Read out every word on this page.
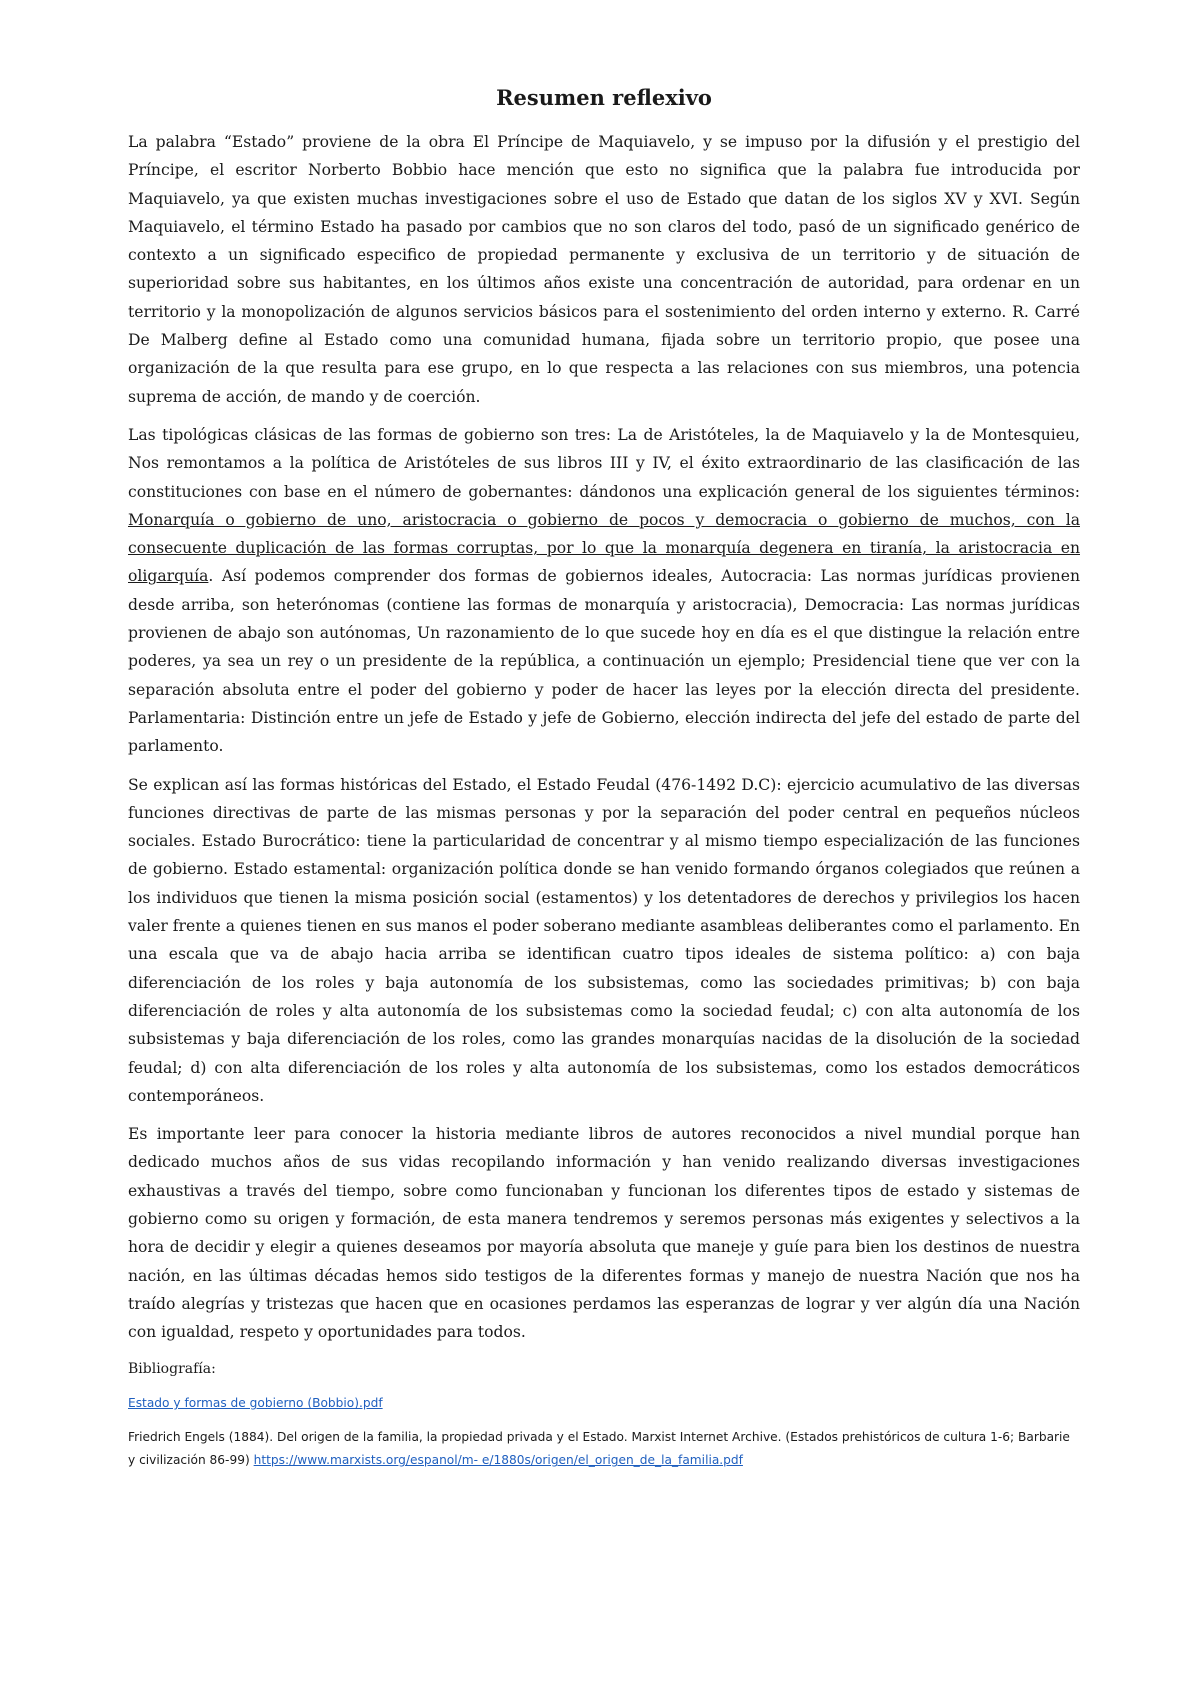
Resumen reflexivo

La palabra “Estado” proviene de la obra El Príncipe de Maquiavelo, y se impuso por la difusión y el prestigio del Príncipe, el escritor Norberto Bobbio hace mención que esto no significa que la palabra fue introducida por Maquiavelo, ya que existen muchas investigaciones sobre el uso de Estado que datan de los siglos XV y XVI. Según Maquiavelo, el término Estado ha pasado por cambios que no son claros del todo, pasó de un significado genérico de contexto a un significado especifico de propiedad permanente y exclusiva de un territorio y de situación de superioridad sobre sus habitantes, en los últimos años existe una concentración de autoridad, para ordenar en un territorio y la monopolización de algunos servicios básicos para el sostenimiento del orden interno y externo. R. Carré De Malberg define al Estado como una comunidad humana, fijada sobre un territorio propio, que posee una organización de la que resulta para ese grupo, en lo que respecta a las relaciones con sus miembros, una potencia suprema de acción, de mando y de coerción.

Las tipológicas clásicas de las formas de gobierno son tres: La de Aristóteles, la de Maquiavelo y la de Montesquieu, Nos remontamos a la política de Aristóteles de sus libros III y IV, el éxito extraordinario de las clasificación de las constituciones con base en el número de gobernantes: dándonos una explicación general de los siguientes términos: Monarquía o gobierno de uno, aristocracia o gobierno de pocos y democracia o gobierno de muchos, con la consecuente duplicación de las formas corruptas, por lo que la monarquía degenera en tiranía, la aristocracia en oligarquía. Así podemos comprender dos formas de gobiernos ideales, Autocracia: Las normas jurídicas provienen desde arriba, son heterónomas (contiene las formas de monarquía y aristocracia), Democracia: Las normas jurídicas provienen de abajo son autónomas, Un razonamiento de lo que sucede hoy en día es el que distingue la relación entre poderes, ya sea un rey o un presidente de la república, a continuación un ejemplo; Presidencial tiene que ver con la separación absoluta entre el poder del gobierno y poder de hacer las leyes por la elección directa del presidente. Parlamentaria: Distinción entre un jefe de Estado y jefe de Gobierno, elección indirecta del jefe del estado de parte del parlamento.

Se explican así las formas históricas del Estado, el Estado Feudal (476-1492 D.C): ejercicio acumulativo de las diversas funciones directivas de parte de las mismas personas y por la separación del poder central en pequeños núcleos sociales. Estado Burocrático: tiene la particularidad de concentrar y al mismo tiempo especialización de las funciones de gobierno. Estado estamental: organización política donde se han venido formando órganos colegiados que reúnen a los individuos que tienen la misma posición social (estamentos) y los detentadores de derechos y privilegios los hacen valer frente a quienes tienen en sus manos el poder soberano mediante asambleas deliberantes como el parlamento. En una escala que va de abajo hacia arriba se identifican cuatro tipos ideales de sistema político: a) con baja diferenciación de los roles y baja autonomía de los subsistemas, como las sociedades primitivas; b) con baja diferenciación de roles y alta autonomía de los subsistemas como la sociedad feudal; c) con alta autonomía de los subsistemas y baja diferenciación de los roles, como las grandes monarquías nacidas de la disolución de la sociedad feudal; d) con alta diferenciación de los roles y alta autonomía de los subsistemas, como los estados democráticos contemporáneos.

Es importante leer para conocer la historia mediante libros de autores reconocidos a nivel mundial porque han dedicado muchos años de sus vidas recopilando información y han venido realizando diversas investigaciones exhaustivas a través del tiempo, sobre como funcionaban y funcionan los diferentes tipos de estado y sistemas de gobierno como su origen y formación, de esta manera tendremos y seremos personas más exigentes y selectivos a la hora de decidir y elegir a quienes deseamos por mayoría absoluta que maneje y guíe para bien los destinos de nuestra nación, en las últimas décadas hemos sido testigos de la diferentes formas y manejo de nuestra Nación que nos ha traído alegrías y tristezas que hacen que en ocasiones perdamos las esperanzas de lograr y ver algún día una Nación con igualdad, respeto y oportunidades para todos.

Bibliografía:
Estado y formas de gobierno (Bobbio).pdf
Friedrich Engels (1884). Del origen de la familia, la propiedad privada y el Estado. Marxist Internet Archive. (Estados prehistóricos de cultura 1-6; Barbarie y civilización 86-99) https://www.marxists.org/espanol/m- e/1880s/origen/el_origen_de_la_familia.pdf
